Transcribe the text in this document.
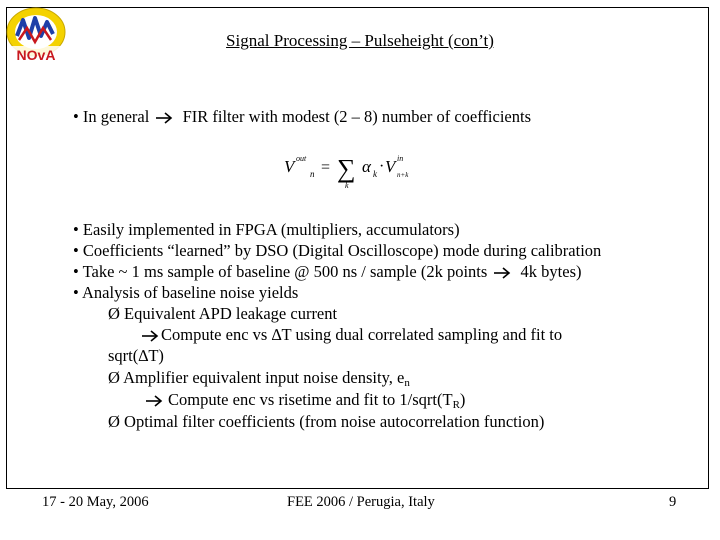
NOvA
Signal Processing – Pulseheight (con’t)
• In general FIR filter with modest (2 – 8) number of coefficients
V out
n = ∑
k
α k · V in
n+k
• Easily implemented in FPGA (multipliers, accumulators)
• Coefficients “learned” by DSO (Digital Oscilloscope) mode during calibration
• Take ~ 1 ms sample of baseline @ 500 ns / sample (2k points 4k bytes)
• Analysis of baseline noise yields
Ø Equivalent APD leakage current
Compute enc vs ∆T using dual correlated sampling and fit to
sqrt(∆T)
Ø Amplifier equivalent input noise density, $e_n$
Compute enc vs risetime and fit to $1/sqrt(T_R)$
Ø Optimal filter coefficients (from noise autocorrelation function)
17 - 20 May, 2006	FEE 2006 / Perugia, Italy	9
